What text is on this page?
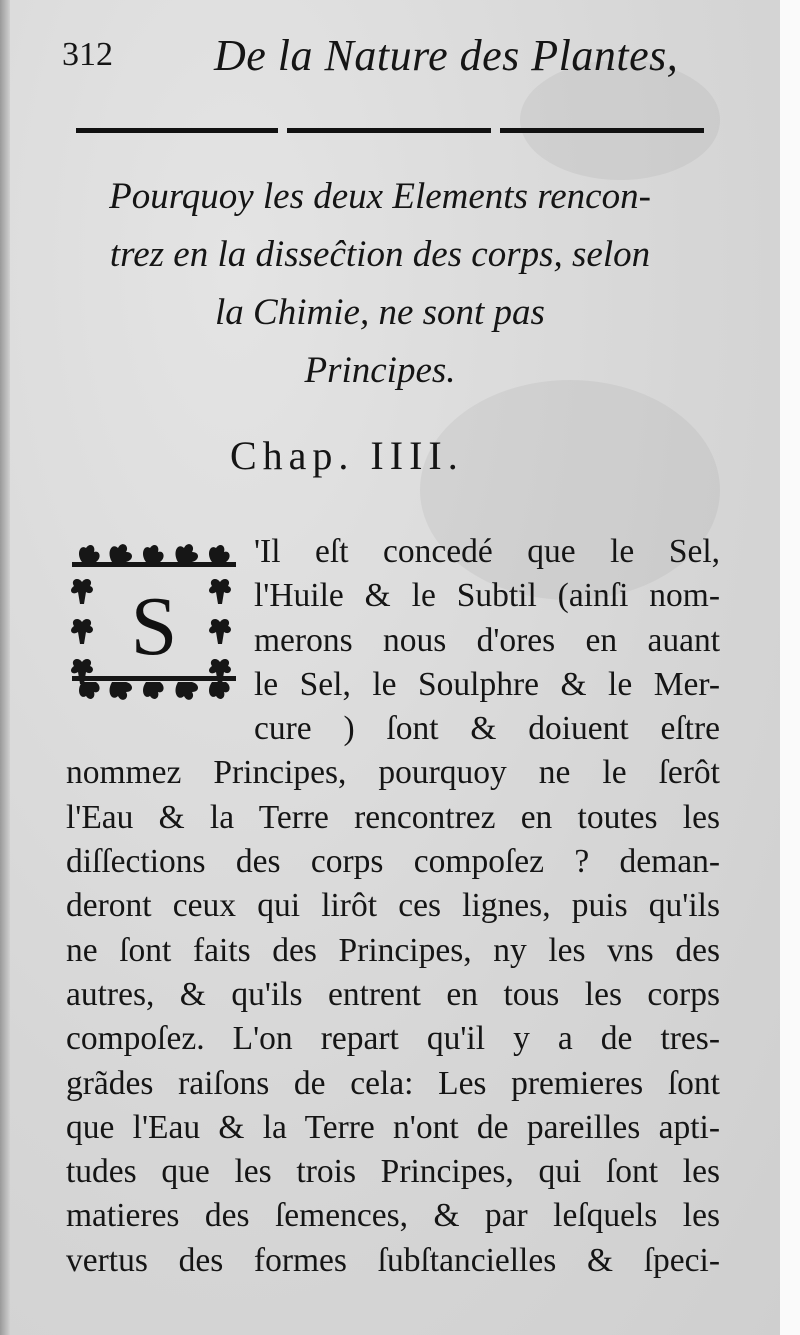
312 De la Nature des Plantes,
Pourquoy les deux Elements rencon-
trez en la disseĉtion des corps, selon
la Chimie, ne sont pas
Principes.
Chap. IIII.
S
'Il eſt concedé que le Sel,
l'Huile & le Subtil (ainſi nom-
merons nous d'ores en auant
le Sel, le Soulphre & le Mer-
cure ) ſont & doiuent eſtre
nommez Principes, pourquoy ne le ſerôt
l'Eau & la Terre rencontrez en toutes les
diſſections des corps compoſez ? deman-
deront ceux qui lirôt ces lignes, puis qu'ils
ne ſont faits des Principes, ny les vns des
autres, & qu'ils entrent en tous les corps
compoſez. L'on repart qu'il y a de tres-
grãdes raiſons de cela: Les premieres ſont
que l'Eau & la Terre n'ont de pareilles apti-
tudes que les trois Principes, qui ſont les
matieres des ſemences, & par leſquels les
vertus des formes ſubſtancielles & ſpeci-
